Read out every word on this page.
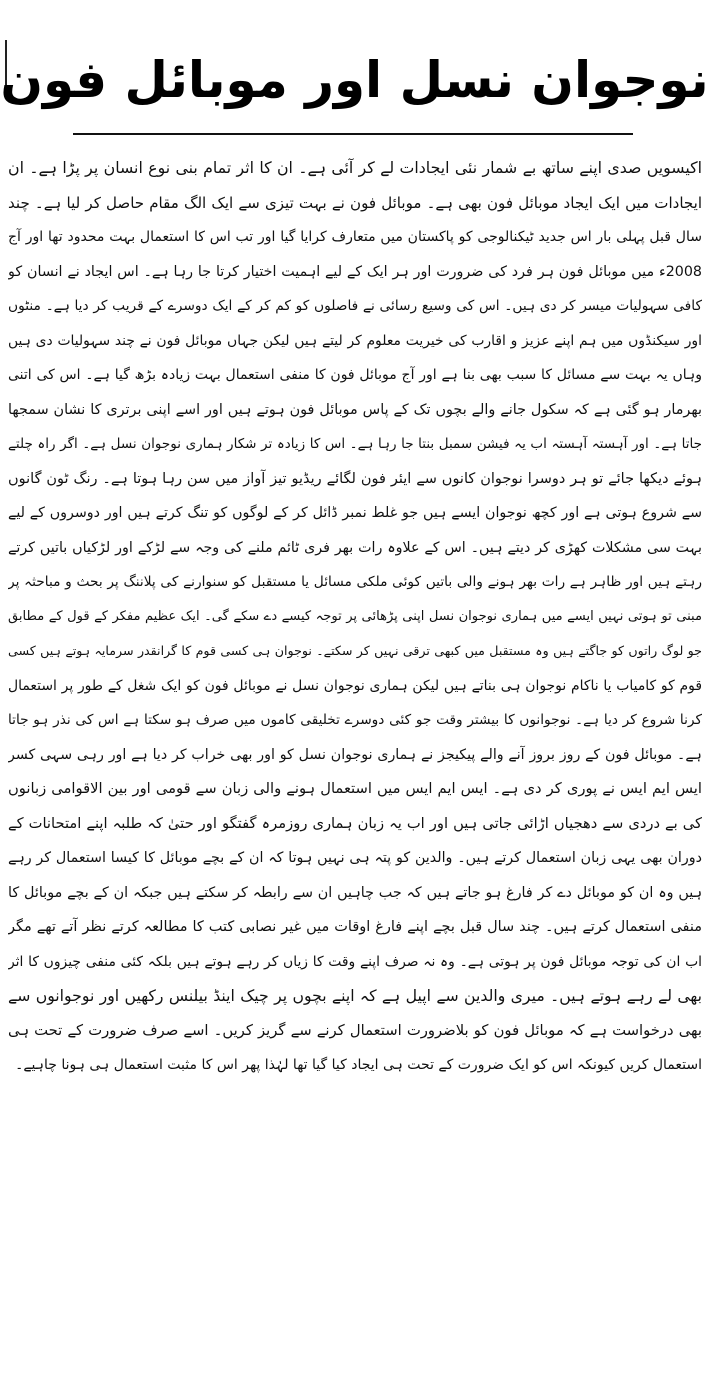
نوجوان نسل اور موبائل فون
اکیسویں صدی اپنے ساتھ بے شمار نئی ایجادات لے کر آئی ہے۔ ان کا اثر تمام بنی نوع انسان پر پڑا ہے۔ ان
ایجادات میں ایک ایجاد موبائل فون بھی ہے۔ موبائل فون نے بہت تیزی سے ایک الگ مقام حاصل کر لیا ہے۔ چند
سال قبل پہلی بار اس جدید ٹیکنالوجی کو پاکستان میں متعارف کرایا گیا اور تب اس کا استعمال بہت محدود تھا اور آج
2008ء میں موبائل فون ہر فرد کی ضرورت اور ہر ایک کے لیے اہمیت اختیار کرتا جا رہا ہے۔ اس ایجاد نے انسان کو
کافی سہولیات میسر کر دی ہیں۔ اس کی وسیع رسائی نے فاصلوں کو کم کر کے ایک دوسرے کے قریب کر دیا ہے۔ منٹوں
اور سیکنڈوں میں ہم اپنے عزیز و اقارب کی خیریت معلوم کر لیتے ہیں لیکن جہاں موبائل فون نے چند سہولیات دی ہیں
وہاں یہ بہت سے مسائل کا سبب بھی بنا ہے اور آج موبائل فون کا منفی استعمال بہت زیادہ بڑھ گیا ہے۔ اس کی اتنی
بھرمار ہو گئی ہے کہ سکول جانے والے بچوں تک کے پاس موبائل فون ہوتے ہیں اور اسے اپنی برتری کا نشان سمجھا
جاتا ہے۔ اور آہستہ آہستہ اب یہ فیشن سمبل بنتا جا رہا ہے۔ اس کا زیادہ تر شکار ہماری نوجوان نسل ہے۔ اگر راہ چلتے
ہوئے دیکھا جائے تو ہر دوسرا نوجوان کانوں سے ایئر فون لگائے ریڈیو تیز آواز میں سن رہا ہوتا ہے۔ رنگ ٹون گانوں
سے شروع ہوتی ہے اور کچھ نوجوان ایسے ہیں جو غلط نمبر ڈائل کر کے لوگوں کو تنگ کرتے ہیں اور دوسروں کے لیے
بہت سی مشکلات کھڑی کر دیتے ہیں۔ اس کے علاوہ رات بھر فری ٹائم ملنے کی وجہ سے لڑکے اور لڑکیاں باتیں کرتے
رہتے ہیں اور ظاہر ہے رات بھر ہونے والی باتیں کوئی ملکی مسائل یا مستقبل کو سنوارنے کی پلاننگ پر بحث و مباحثہ پر
مبنی تو ہوتی نہیں ایسے میں ہماری نوجوان نسل اپنی پڑھائی پر توجہ کیسے دے سکے گی۔ ایک عظیم مفکر کے قول کے مطابق
جو لوگ راتوں کو جاگتے ہیں وہ مستقبل میں کبھی ترقی نہیں کر سکتے۔ نوجوان ہی کسی قوم کا گرانقدر سرمایہ ہوتے ہیں کسی
قوم کو کامیاب یا ناکام نوجوان ہی بناتے ہیں لیکن ہماری نوجوان نسل نے موبائل فون کو ایک شغل کے طور پر استعمال
کرنا شروع کر دیا ہے۔ نوجوانوں کا بیشتر وقت جو کئی دوسرے تخلیقی کاموں میں صرف ہو سکتا ہے اس کی نذر ہو جاتا
ہے۔ موبائل فون کے روز بروز آنے والے پیکیجز نے ہماری نوجوان نسل کو اور بھی خراب کر دیا ہے اور رہی سہی کسر
ایس ایم ایس نے پوری کر دی ہے۔ ایس ایم ایس میں استعمال ہونے والی زبان سے قومی اور بین الاقوامی زبانوں
کی بے دردی سے دھجیاں اڑائی جاتی ہیں اور اب یہ زبان ہماری روزمرہ گفتگو اور حتیٰ کہ طلبہ اپنے امتحانات کے
دوران بھی یہی زبان استعمال کرتے ہیں۔ والدین کو پتہ ہی نہیں ہوتا کہ ان کے بچے موبائل کا کیسا استعمال کر رہے
ہیں وہ ان کو موبائل دے کر فارغ ہو جاتے ہیں کہ جب چاہیں ان سے رابطہ کر سکتے ہیں جبکہ ان کے بچے موبائل کا
منفی استعمال کرتے ہیں۔ چند سال قبل بچے اپنے فارغ اوقات میں غیر نصابی کتب کا مطالعہ کرتے نظر آتے تھے مگر
اب ان کی توجہ موبائل فون پر ہوتی ہے۔ وہ نہ صرف اپنے وقت کا زیاں کر رہے ہوتے ہیں بلکہ کئی منفی چیزوں کا اثر
بھی لے رہے ہوتے ہیں۔ میری والدین سے اپیل ہے کہ اپنے بچوں پر چیک اینڈ بیلنس رکھیں اور نوجوانوں سے
بھی درخواست ہے کہ موبائل فون کو بلاضرورت استعمال کرنے سے گریز کریں۔ اسے صرف ضرورت کے تحت ہی
استعمال کریں کیونکہ اس کو ایک ضرورت کے تحت ہی ایجاد کیا گیا تھا لہٰذا پھر اس کا مثبت استعمال ہی ہونا چاہیے۔
